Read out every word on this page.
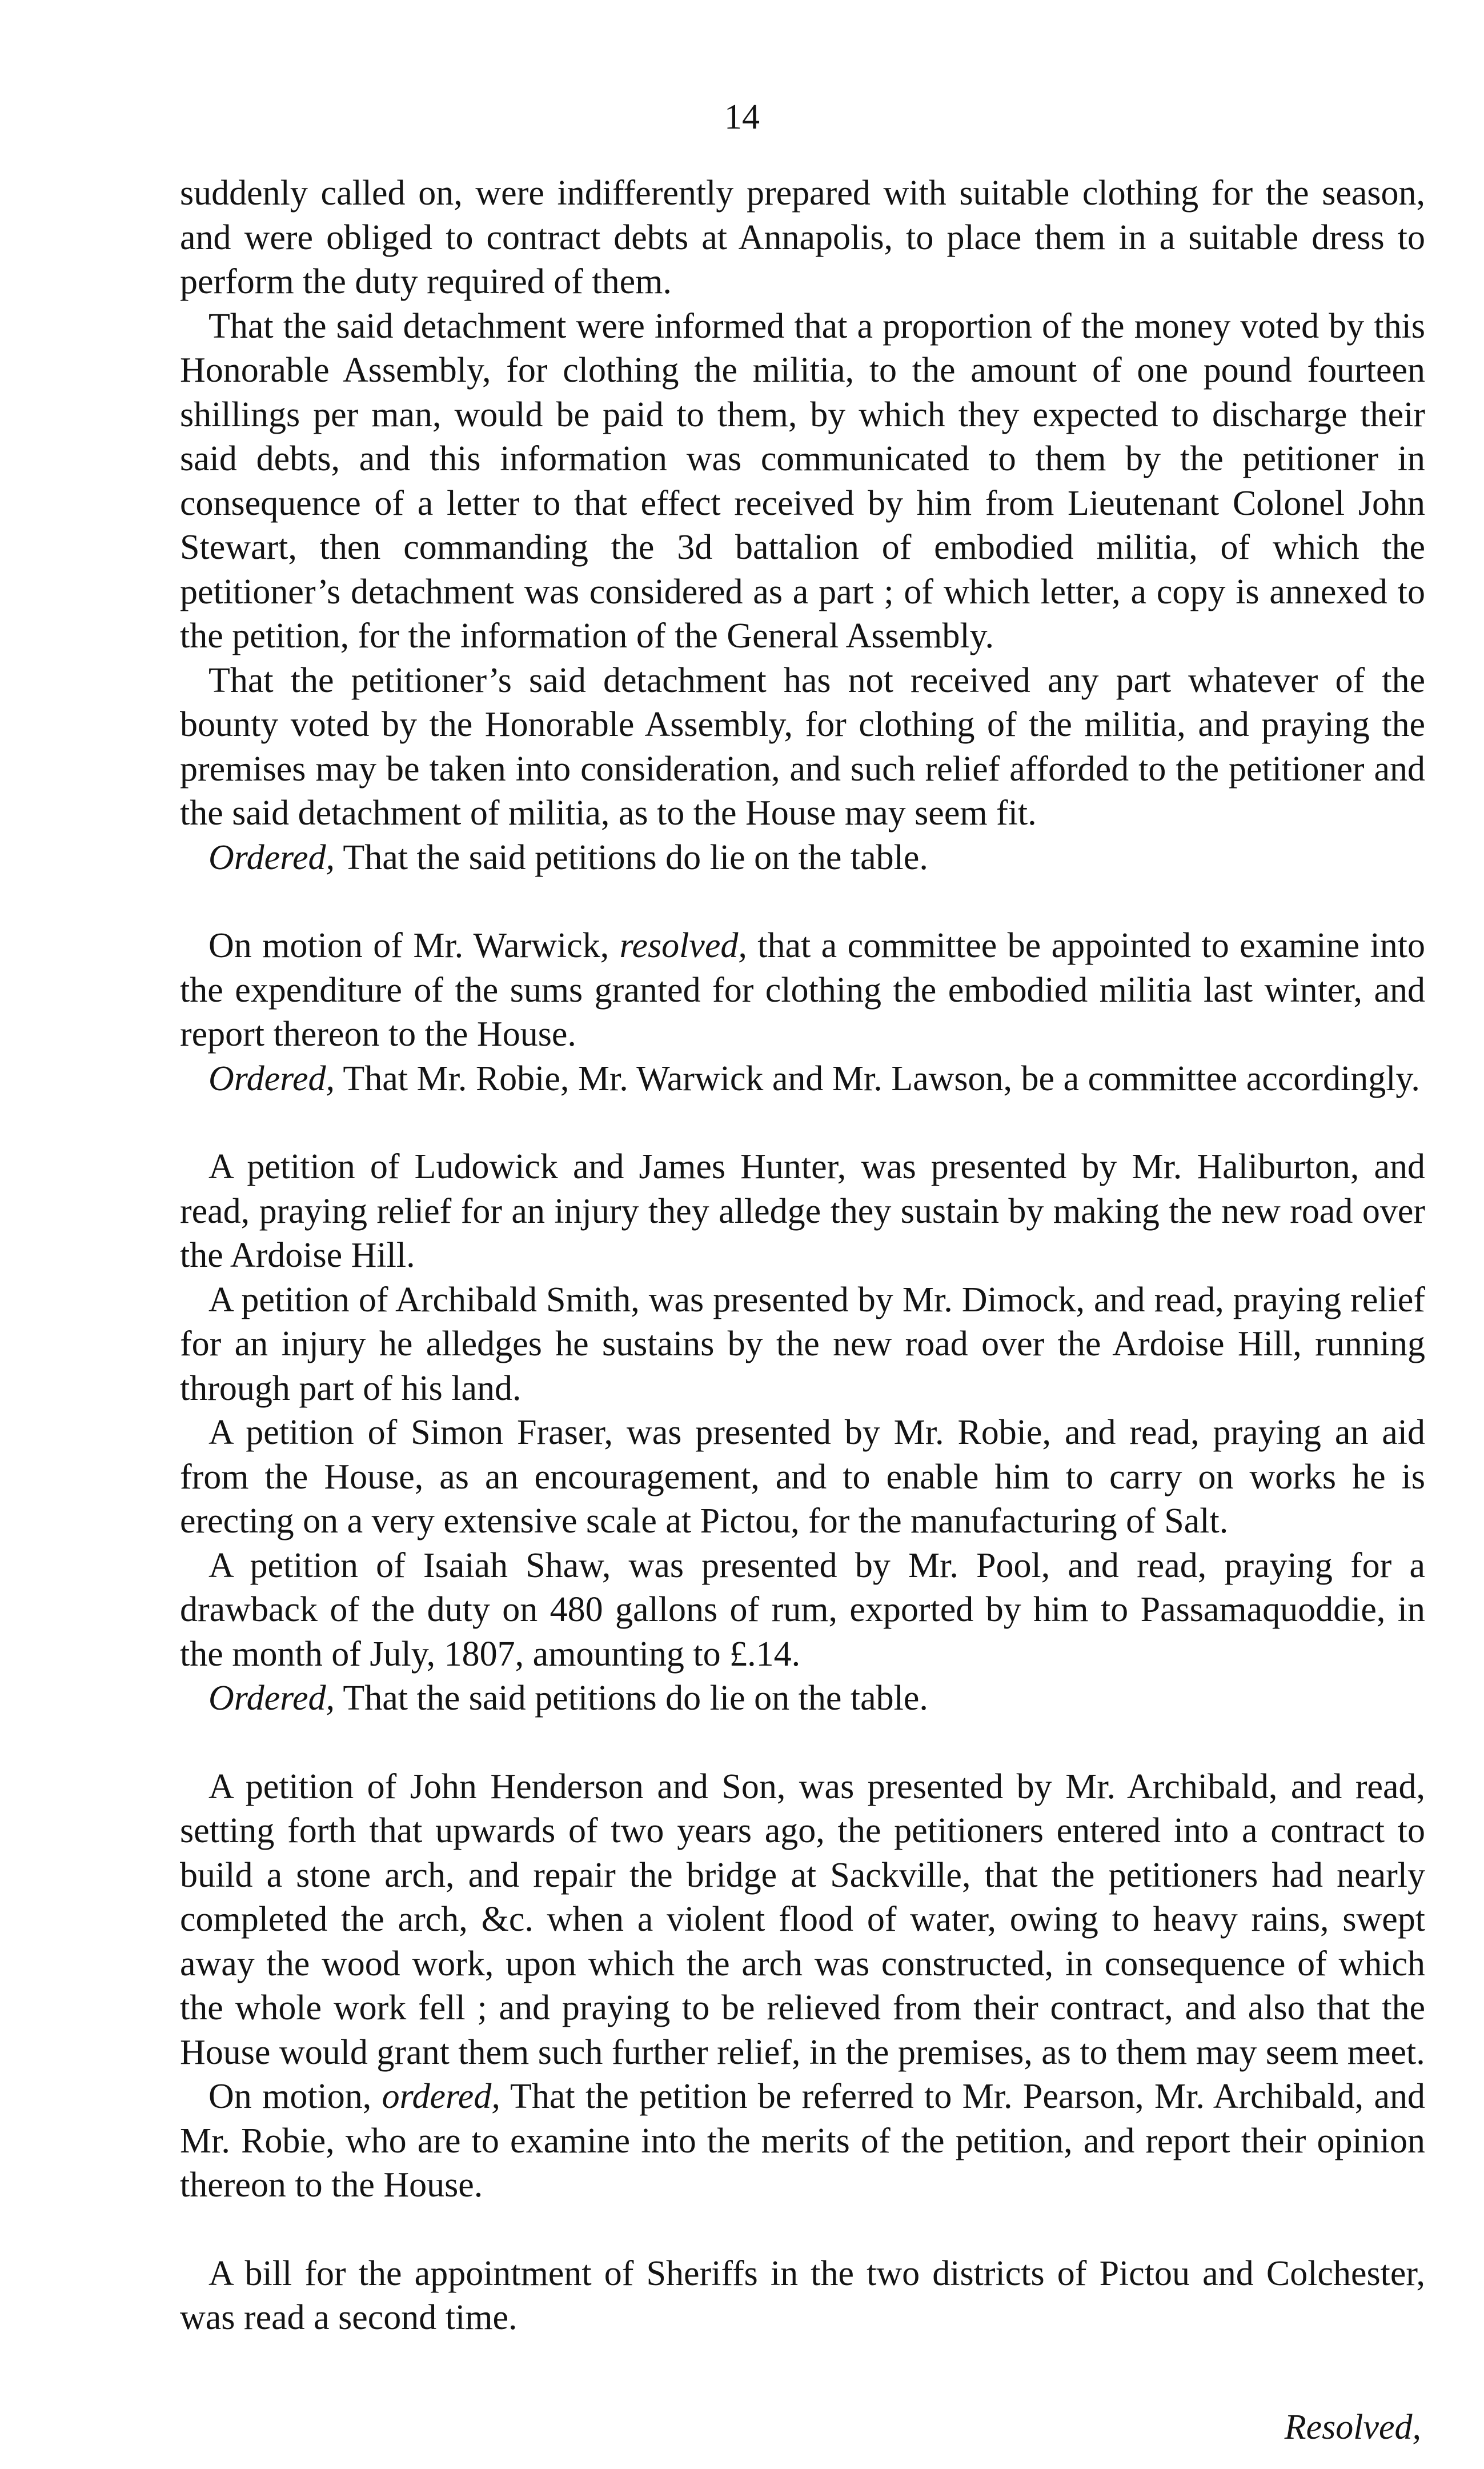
14

suddenly called on, were indifferently prepared with suitable clothing for the season, and were obliged to contract debts at Annapolis, to place them in a suitable dress to perform the duty required of them.

That the said detachment were informed that a proportion of the money voted by this Honorable Assembly, for clothing the militia, to the amount of one pound fourteen shillings per man, would be paid to them, by which they expected to discharge their said debts, and this information was communicated to them by the petitioner in consequence of a letter to that effect received by him from Lieutenant Colonel John Stewart, then commanding the 3d battalion of embodied militia, of which the petitioner’s detachment was considered as a part ; of which letter, a copy is annexed to the petition, for the information of the General Assembly.

That the petitioner’s said detachment has not received any part whatever of the bounty voted by the Honorable Assembly, for clothing of the militia, and praying the premises may be taken into consideration, and such relief afforded to the petitioner and the said detachment of militia, as to the House may seem fit.

Ordered, That the said petitions do lie on the table.

On motion of Mr. Warwick, resolved, that a committee be appointed to examine into the expenditure of the sums granted for clothing the embodied militia last winter, and report thereon to the House.

Ordered, That Mr. Robie, Mr. Warwick and Mr. Lawson, be a committee accordingly.

A petition of Ludowick and James Hunter, was presented by Mr. Haliburton, and read, praying relief for an injury they alledge they sustain by making the new road over the Ardoise Hill.

A petition of Archibald Smith, was presented by Mr. Dimock, and read, praying relief for an injury he alledges he sustains by the new road over the Ardoise Hill, running through part of his land.

A petition of Simon Fraser, was presented by Mr. Robie, and read, praying an aid from the House, as an encouragement, and to enable him to carry on works he is erecting on a very extensive scale at Pictou, for the manufacturing of Salt.

A petition of Isaiah Shaw, was presented by Mr. Pool, and read, praying for a drawback of the duty on 480 gallons of rum, exported by him to Passamaquoddie, in the month of July, 1807, amounting to £.14.

Ordered, That the said petitions do lie on the table.

A petition of John Henderson and Son, was presented by Mr. Archibald, and read, setting forth that upwards of two years ago, the petitioners entered into a contract to build a stone arch, and repair the bridge at Sackville, that the petitioners had nearly completed the arch, &c. when a violent flood of water, owing to heavy rains, swept away the wood work, upon which the arch was constructed, in consequence of which the whole work fell ; and praying to be relieved from their contract, and also that the House would grant them such further relief, in the premises, as to them may seem meet.

On motion, ordered, That the petition be referred to Mr. Pearson, Mr. Archibald, and Mr. Robie, who are to examine into the merits of the petition, and report their opinion thereon to the House.

A bill for the appointment of Sheriffs in the two districts of Pictou and Colchester, was read a second time.

Resolved,
